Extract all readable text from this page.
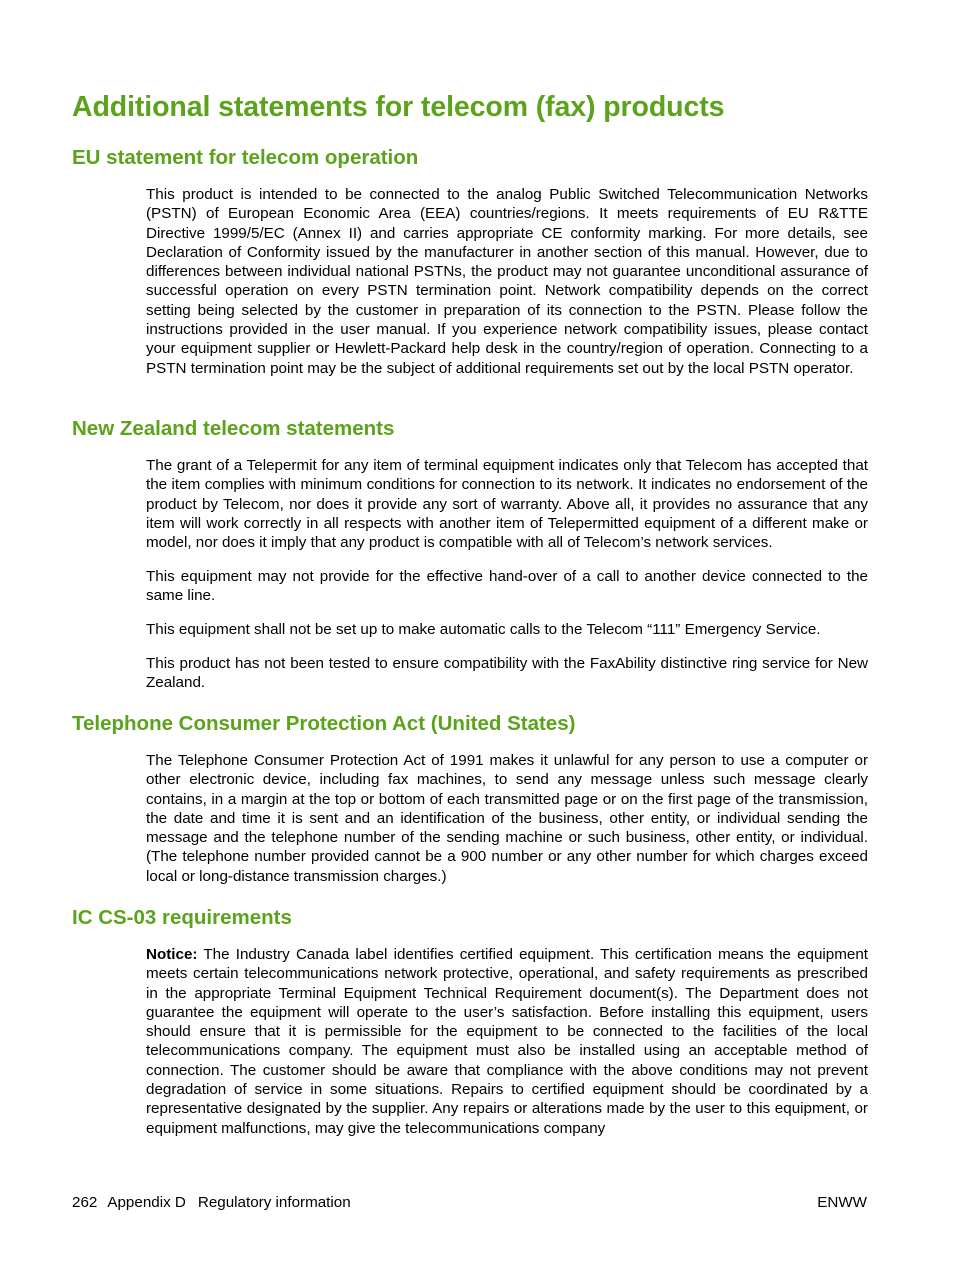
Additional statements for telecom (fax) products
EU statement for telecom operation

This product is intended to be connected to the analog Public Switched Telecommunication Networks (PSTN) of European Economic Area (EEA) countries/regions. It meets requirements of EU R&TTE Directive 1999/5/EC (Annex II) and carries appropriate CE conformity marking. For more details, see Declaration of Conformity issued by the manufacturer in another section of this manual. However, due to differences between individual national PSTNs, the product may not guarantee unconditional assurance of successful operation on every PSTN termination point. Network compatibility depends on the correct setting being selected by the customer in preparation of its connection to the PSTN. Please follow the instructions provided in the user manual. If you experience network compatibility issues, please contact your equipment supplier or Hewlett-Packard help desk in the country/region of operation. Connecting to a PSTN termination point may be the subject of additional requirements set out by the local PSTN operator.

New Zealand telecom statements

The grant of a Telepermit for any item of terminal equipment indicates only that Telecom has accepted that the item complies with minimum conditions for connection to its network. It indicates no endorsement of the product by Telecom, nor does it provide any sort of warranty. Above all, it provides no assurance that any item will work correctly in all respects with another item of Telepermitted equipment of a different make or model, nor does it imply that any product is compatible with all of Telecom’s network services.

This equipment may not provide for the effective hand-over of a call to another device connected to the same line.

This equipment shall not be set up to make automatic calls to the Telecom “111” Emergency Service.

This product has not been tested to ensure compatibility with the FaxAbility distinctive ring service for New Zealand.

Telephone Consumer Protection Act (United States)

The Telephone Consumer Protection Act of 1991 makes it unlawful for any person to use a computer or other electronic device, including fax machines, to send any message unless such message clearly contains, in a margin at the top or bottom of each transmitted page or on the first page of the transmission, the date and time it is sent and an identification of the business, other entity, or individual sending the message and the telephone number of the sending machine or such business, other entity, or individual. (The telephone number provided cannot be a 900 number or any other number for which charges exceed local or long-distance transmission charges.)

IC CS-03 requirements

Notice: The Industry Canada label identifies certified equipment. This certification means the equipment meets certain telecommunications network protective, operational, and safety requirements as prescribed in the appropriate Terminal Equipment Technical Requirement document(s). The Department does not guarantee the equipment will operate to the user’s satisfaction. Before installing this equipment, users should ensure that it is permissible for the equipment to be connected to the facilities of the local telecommunications company. The equipment must also be installed using an acceptable method of connection. The customer should be aware that compliance with the above conditions may not prevent degradation of service in some situations. Repairs to certified equipment should be coordinated by a representative designated by the supplier. Any repairs or alterations made by the user to this equipment, or equipment malfunctions, may give the telecommunications company

262 Appendix D Regulatory information	ENWW
